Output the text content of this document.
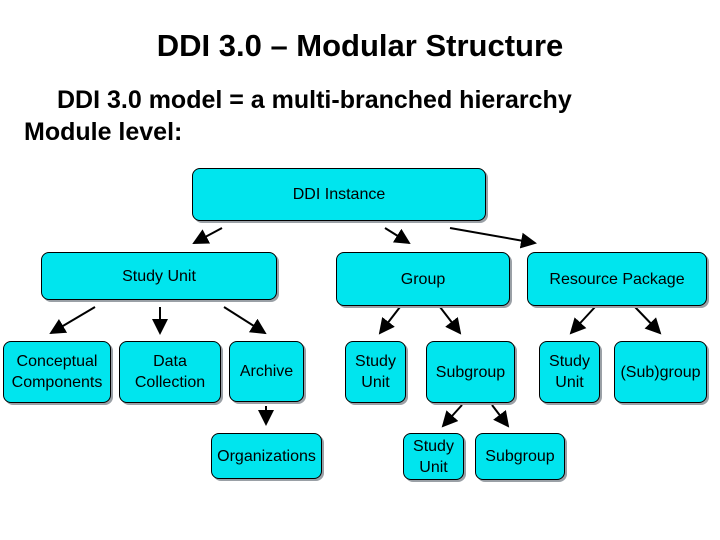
DDI 3.0 – Modular Structure
DDI 3.0 model = a multi-branched hierarchy
Module level:
DDI Instance
Study Unit	Group	Resource Package
Conceptual
Components
Data
Collection
Archive
Organizations
Study
Unit
Subgroup
Study
Unit
(Sub)group
Study
Unit
Subgroup
